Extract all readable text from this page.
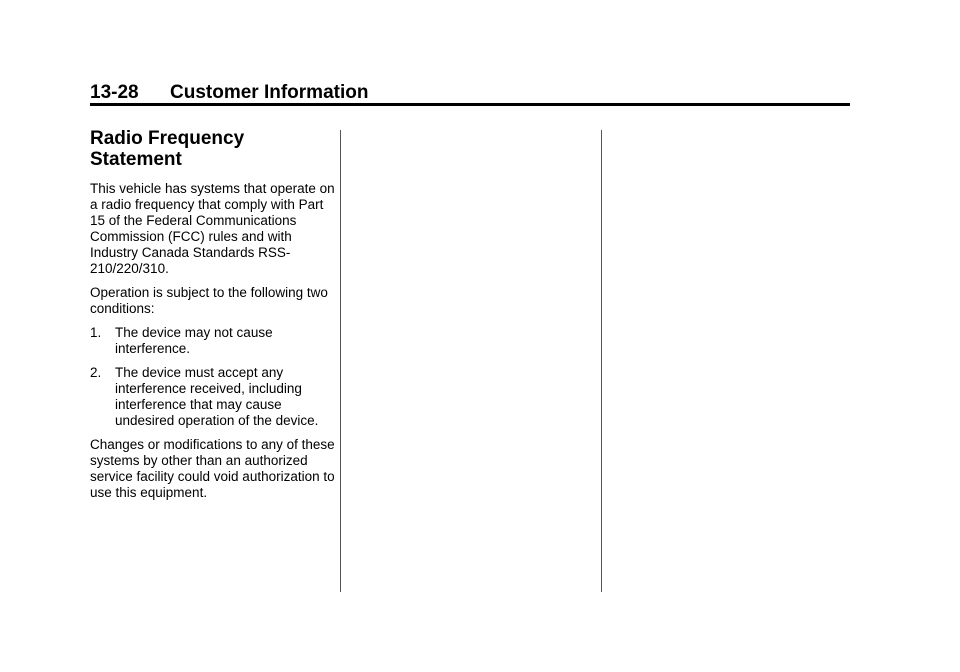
13-28 Customer Information
Radio Frequency Statement

This vehicle has systems that operate on a radio frequency that comply with Part 15 of the Federal Communications Commission (FCC) rules and with Industry Canada Standards RSS-210/220/310.

Operation is subject to the following two conditions:

1. The device may not cause interference.
2. The device must accept any interference received, including interference that may cause undesired operation of the device.

Changes or modifications to any of these systems by other than an authorized service facility could void authorization to use this equipment.
